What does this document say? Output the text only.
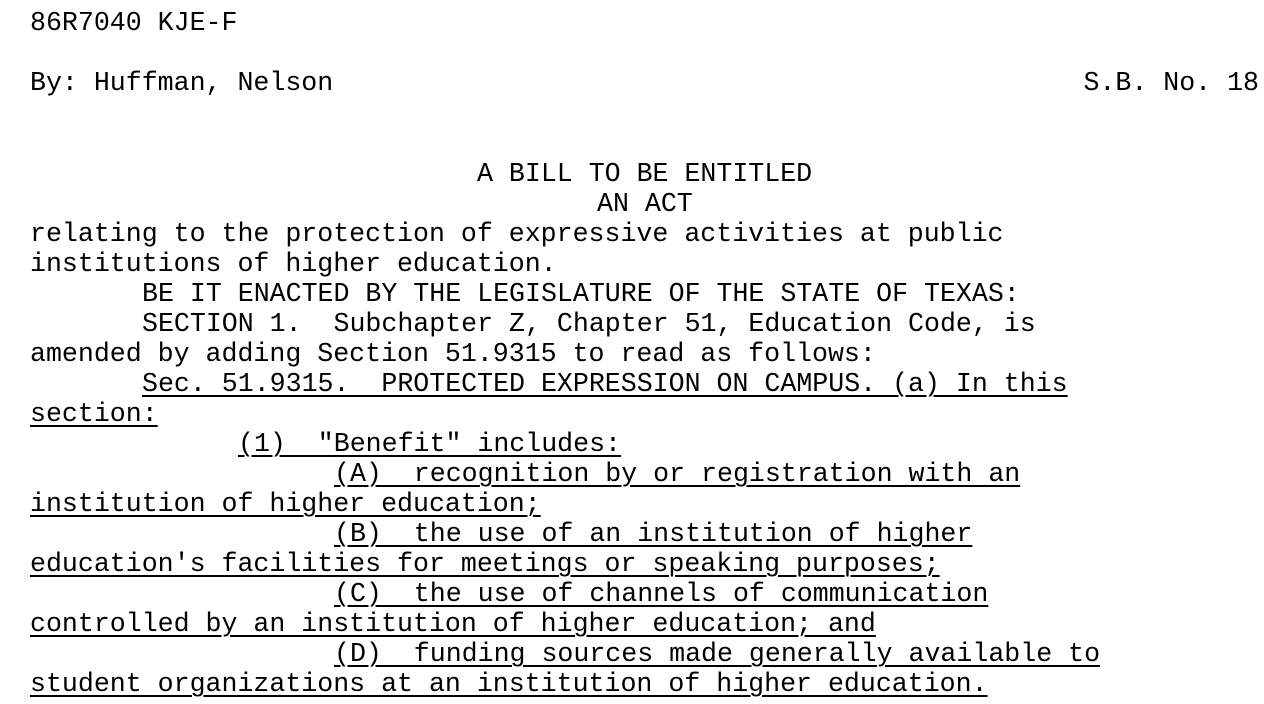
86R7040 KJE-F
By: Huffman, Nelson	S.B. No. 18
A BILL TO BE ENTITLED
AN ACT
relating to the protection of expressive activities at public
institutions of higher education.
BE IT ENACTED BY THE LEGISLATURE OF THE STATE OF TEXAS:
SECTION 1.  Subchapter Z, Chapter 51, Education Code, is
amended by adding Section 51.9315 to read as follows:
Sec. 51.9315.  PROTECTED EXPRESSION ON CAMPUS. (a) In this
section:
(1)  "Benefit" includes:
(A)  recognition by or registration with an
institution of higher education;
(B)  the use of an institution of higher
education's facilities for meetings or speaking purposes;
(C)  the use of channels of communication
controlled by an institution of higher education; and
(D)  funding sources made generally available to
student organizations at an institution of higher education.
